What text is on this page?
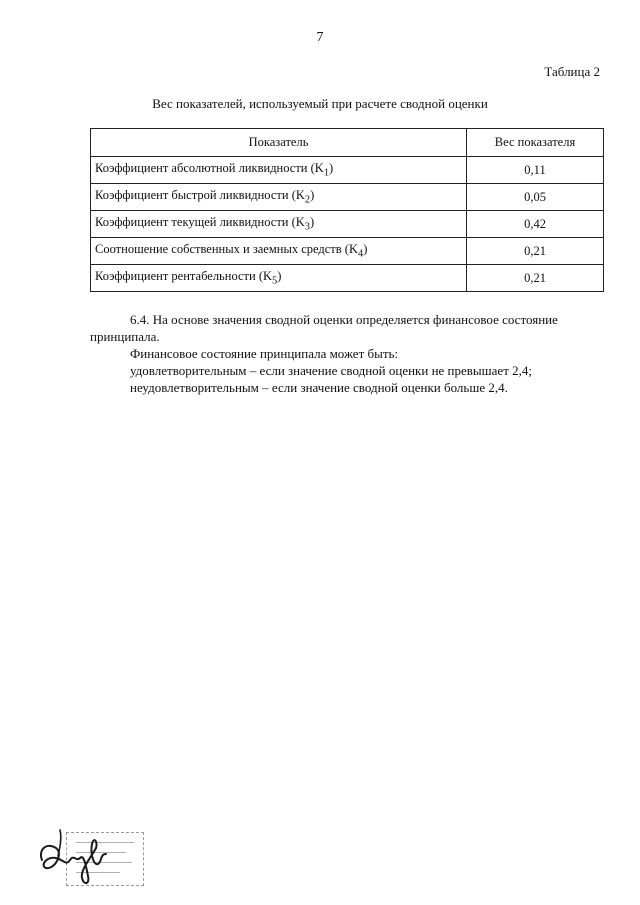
7
Таблица 2
Вес показателей, используемый при расчете сводной оценки
Показатель	Вес показателя
Коэффициент абсолютной ликвидности $(K_1)$	0,11
Коэффициент быстрой ликвидности $(K_2)$	0,05
Коэффициент текущей ликвидности $(K_3)$	0,42
Соотношение собственных и заемных средств $(K_4)$	0,21
Коэффициент рентабельности $(K_5)$	0,21

6.4. На основе значения сводной оценки определяется финансовое состояние принципала.

Финансовое состояние принципала может быть:

удовлетворительным – если значение сводной оценки не превышает 2,4;

неудовлетворительным – если значение сводной оценки больше 2,4.
